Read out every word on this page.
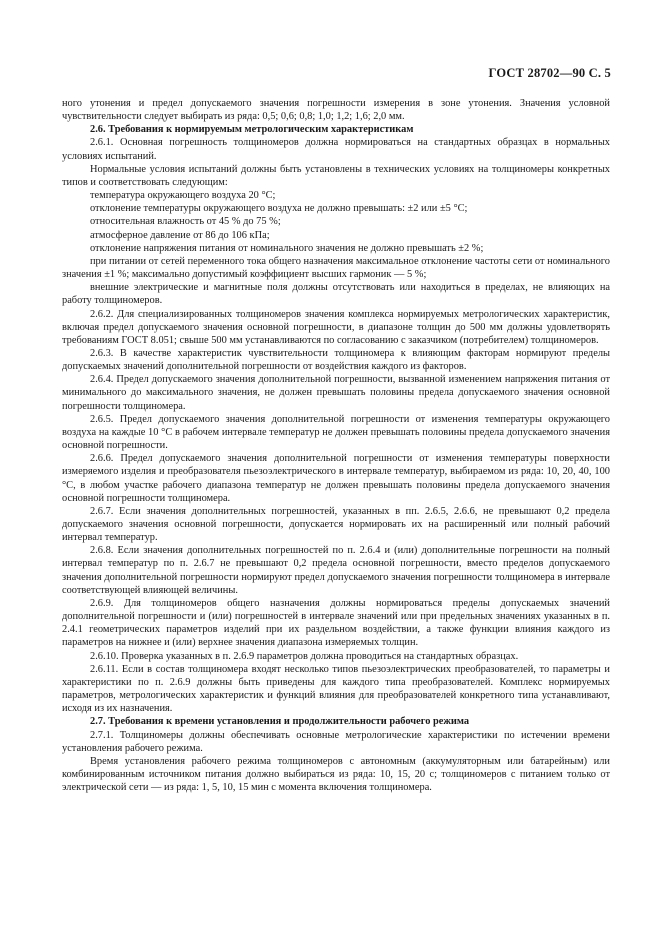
ГОСТ 28702—90 С. 5

ного утонения и предел допускаемого значения погрешности измерения в зоне утонения. Значения условной чувствительности следует выбирать из ряда: 0,5; 0,6; 0,8; 1,0; 1,2; 1,6; 2,0 мм.

2.6. Требования к нормируемым метрологическим характеристикам

2.6.1. Основная погрешность толщиномеров должна нормироваться на стандартных образцах в нормальных условиях испытаний.

Нормальные условия испытаний должны быть установлены в технических условиях на толщиномеры конкретных типов и соответствовать следующим:

температура окружающего воздуха 20 °С;

отклонение температуры окружающего воздуха не должно превышать: ±2 или ±5 °С;

относительная влажность от 45 % до 75 %;

атмосферное давление от 86 до 106 кПа;

отклонение напряжения питания от номинального значения не должно превышать ±2 %;

при питании от сетей переменного тока общего назначения максимальное отклонение частоты сети от номинального значения ±1 %; максимально допустимый коэффициент высших гармоник — 5 %;

внешние электрические и магнитные поля должны отсутствовать или находиться в пределах, не влияющих на работу толщиномеров.

2.6.2. Для специализированных толщиномеров значения комплекса нормируемых метрологических характеристик, включая предел допускаемого значения основной погрешности, в диапазоне толщин до 500 мм должны удовлетворять требованиям ГОСТ 8.051; свыше 500 мм устанавливаются по согласованию с заказчиком (потребителем) толщиномеров.

2.6.3. В качестве характеристик чувствительности толщиномера к влияющим факторам нормируют пределы допускаемых значений дополнительной погрешности от воздействия каждого из факторов.

2.6.4. Предел допускаемого значения дополнительной погрешности, вызванной изменением напряжения питания от минимального до максимального значения, не должен превышать половины предела допускаемого значения основной погрешности толщиномера.

2.6.5. Предел допускаемого значения дополнительной погрешности от изменения температуры окружающего воздуха на каждые 10 °С в рабочем интервале температур не должен превышать половины предела допускаемого значения основной погрешности.

2.6.6. Предел допускаемого значения дополнительной погрешности от изменения температуры поверхности измеряемого изделия и преобразователя пьезоэлектрического в интервале температур, выбираемом из ряда: 10, 20, 40, 100 °С, в любом участке рабочего диапазона температур не должен превышать половины предела допускаемого значения основной погрешности толщиномера.

2.6.7. Если значения дополнительных погрешностей, указанных в пп. 2.6.5, 2.6.6, не превышают 0,2 предела допускаемого значения основной погрешности, допускается нормировать их на расширенный или полный рабочий интервал температур.

2.6.8. Если значения дополнительных погрешностей по п. 2.6.4 и (или) дополнительные погрешности на полный интервал температур по п. 2.6.7 не превышают 0,2 предела основной погрешности, вместо пределов допускаемого значения дополнительной погрешности нормируют предел допускаемого значения погрешности толщиномера в интервале соответствующей влияющей величины.

2.6.9. Для толщиномеров общего назначения должны нормироваться пределы допускаемых значений дополнительной погрешности и (или) погрешностей в интервале значений или при предельных значениях указанных в п. 2.4.1 геометрических параметров изделий при их раздельном воздействии, а также функции влияния каждого из параметров на нижнее и (или) верхнее значения диапазона измеряемых толщин.

2.6.10. Проверка указанных в п. 2.6.9 параметров должна проводиться на стандартных образцах.

2.6.11. Если в состав толщиномера входят несколько типов пьезоэлектрических преобразователей, то параметры и характеристики по п. 2.6.9 должны быть приведены для каждого типа преобразователей. Комплекс нормируемых параметров, метрологических характеристик и функций влияния для преобразователей конкретного типа устанавливают, исходя из их назначения.

2.7. Требования к времени установления и продолжительности рабочего режима

2.7.1. Толщиномеры должны обеспечивать основные метрологические характеристики по истечении времени установления рабочего режима.

Время установления рабочего режима толщиномеров с автономным (аккумуляторным или батарейным) или комбинированным источником питания должно выбираться из ряда: 10, 15, 20 с; толщиномеров с питанием только от электрической сети — из ряда: 1, 5, 10, 15 мин с момента включения толщиномера.
